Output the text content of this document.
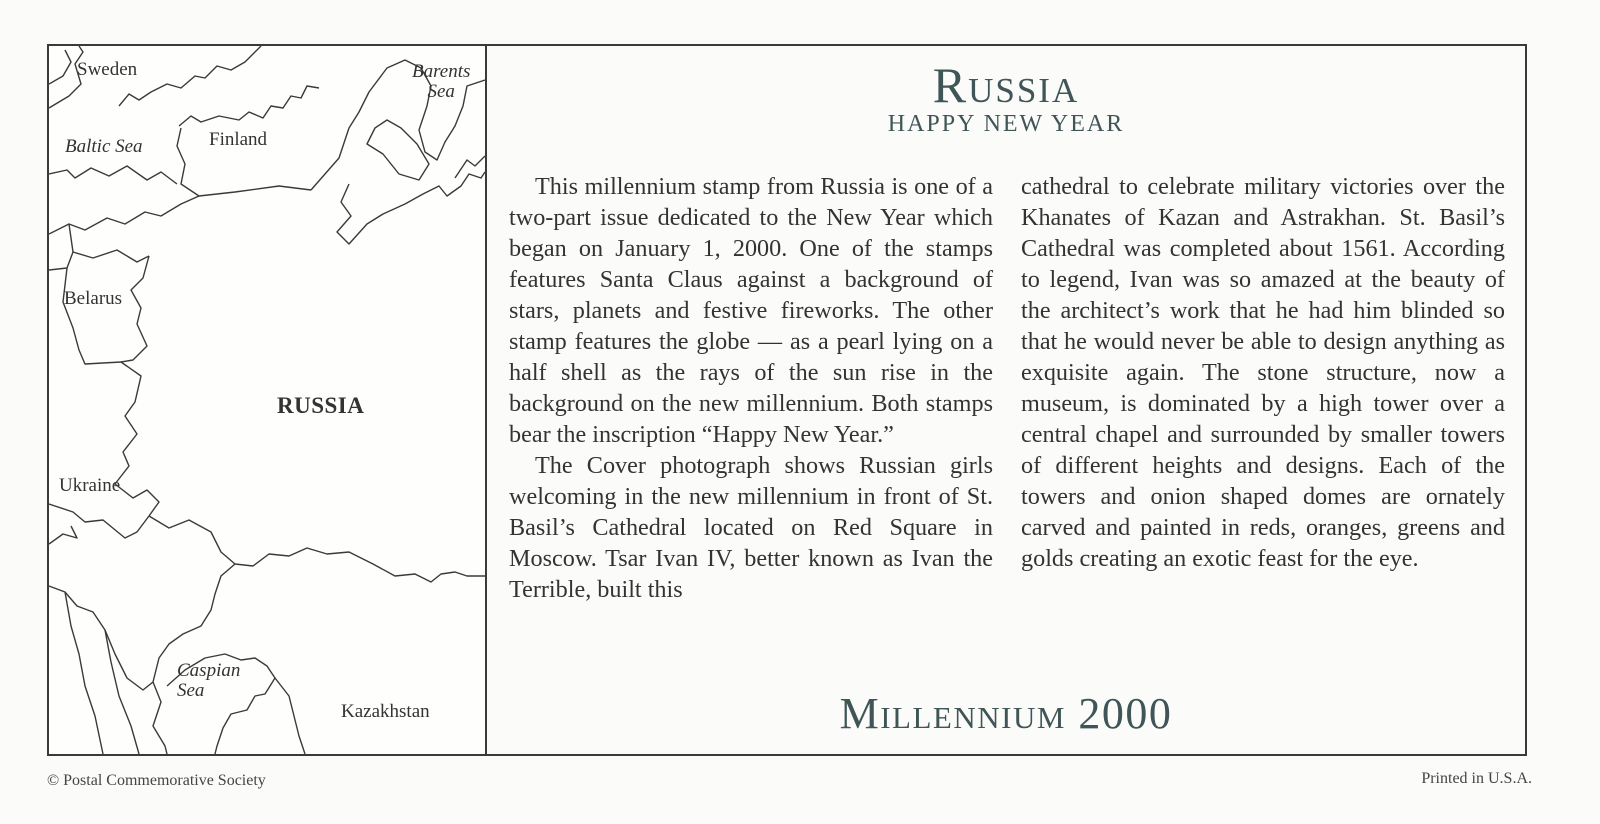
Sweden	Barents
Sea
Baltic Sea	Finland
Belarus
RUSSIA
Ukraine
Caspian
Sea
Kazakhstan
Russia
HAPPY NEW YEAR

This millennium stamp from Russia is one of a two-part issue dedicated to the New Year which began on January 1, 2000. One of the stamps features Santa Claus against a background of stars, planets and festive fireworks. The other stamp features the globe — as a pearl lying on a half shell as the rays of the sun rise in the background on the new millennium. Both stamps bear the inscription “Happy New Year.”

The Cover photograph shows Russian girls welcoming in the new millennium in front of St. Basil’s Cathedral located on Red Square in Moscow. Tsar Ivan IV, better known as Ivan the Terrible, built this

cathedral to celebrate military victories over the Khanates of Kazan and Astrakhan. St. Basil’s Cathedral was completed about 1561. According to legend, Ivan was so amazed at the beauty of the architect’s work that he had him blinded so that he would never be able to design anything as exquisite again. The stone structure, now a museum, is dominated by a high tower over a central chapel and surrounded by smaller towers of different heights and designs. Each of the towers and onion shaped domes are ornately carved and painted in reds, oranges, greens and golds creating an exotic feast for the eye.

Millennium 2000
© Postal Commemorative Society	Printed in U.S.A.
